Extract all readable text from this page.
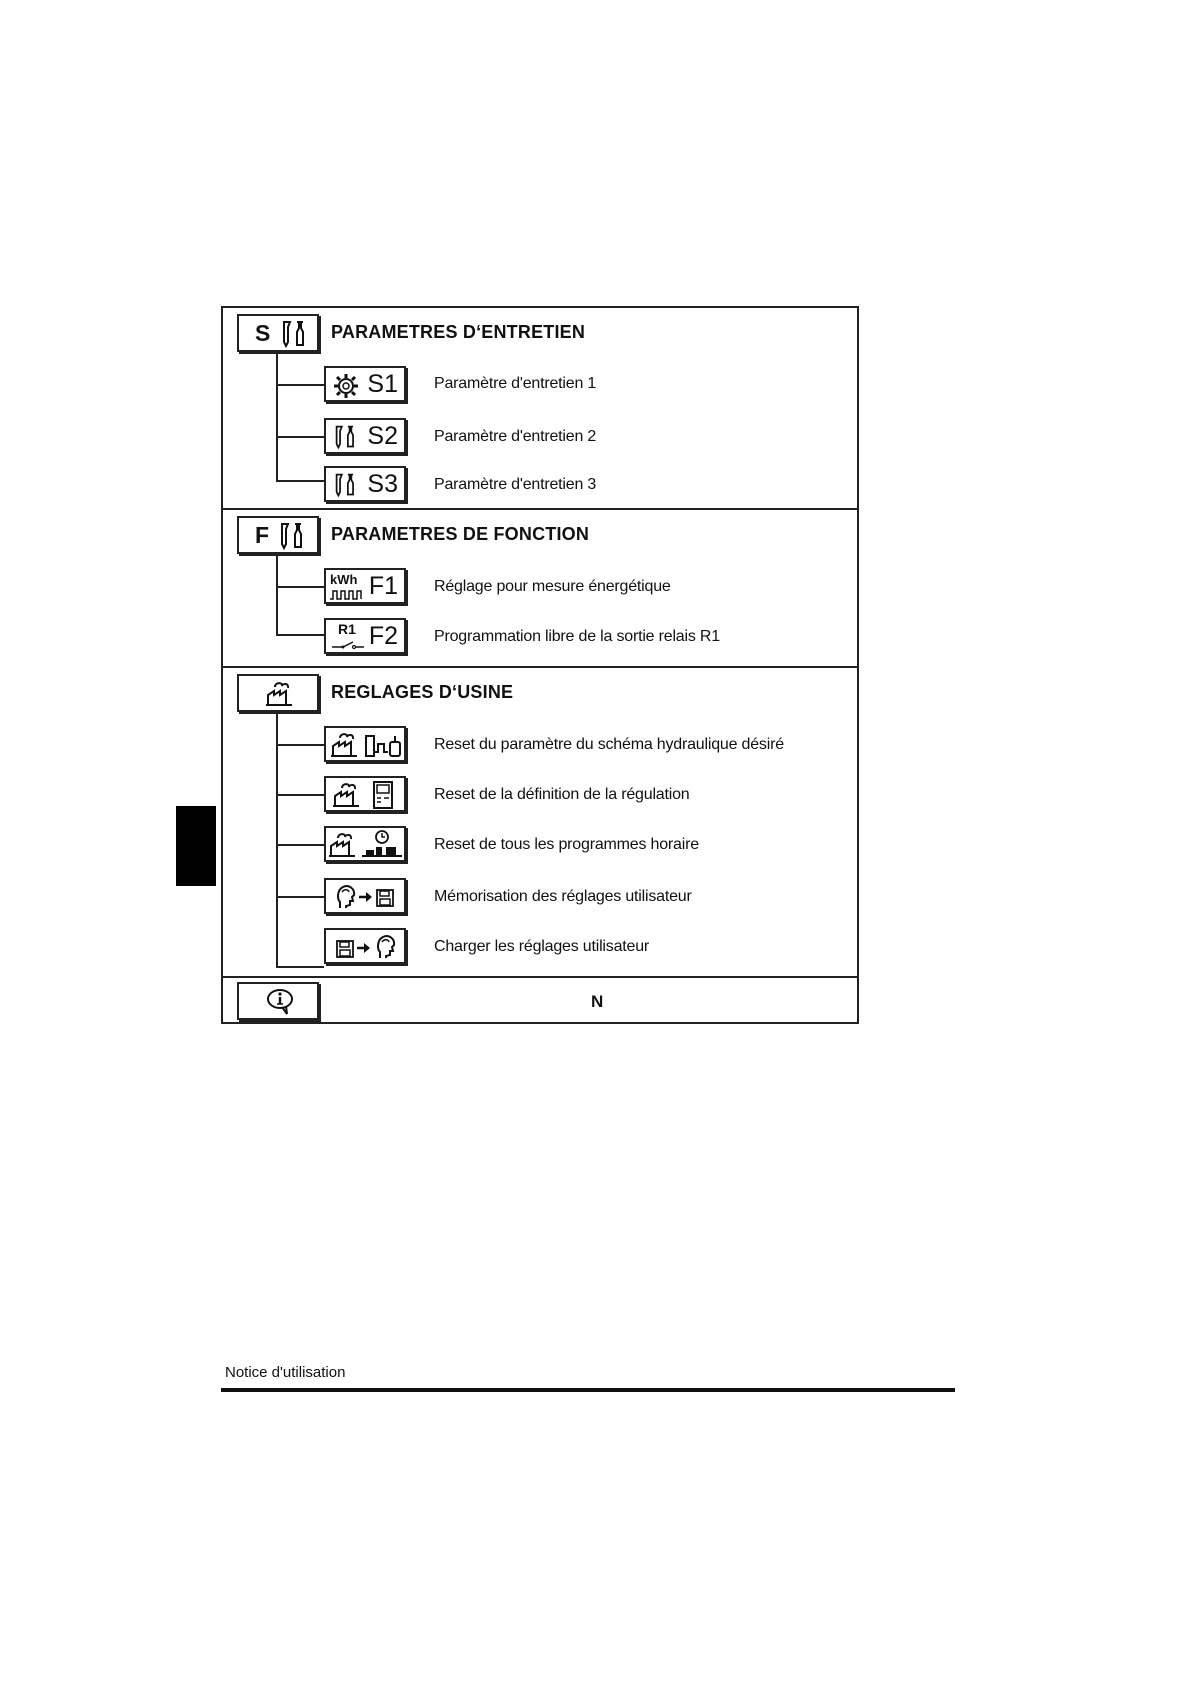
S	PARAMETRES D‘ENTRETIEN
S1 Paramètre d'entretien 1
S2 Paramètre d'entretien 2
S3 Paramètre d'entretien 3
F	PARAMETRES DE FONCTION
kWh F1 Réglage pour mesure énergétique
R1 F2 Programmation libre de la sortie relais R1
REGLAGES D‘USINE
Reset du paramètre du schéma hydraulique désiré
Reset de la définition de la régulation
Reset de tous les programmes horaire
Mémorisation des réglages utilisateur
Charger les réglages utilisateur
N
Notice d'utilisation
